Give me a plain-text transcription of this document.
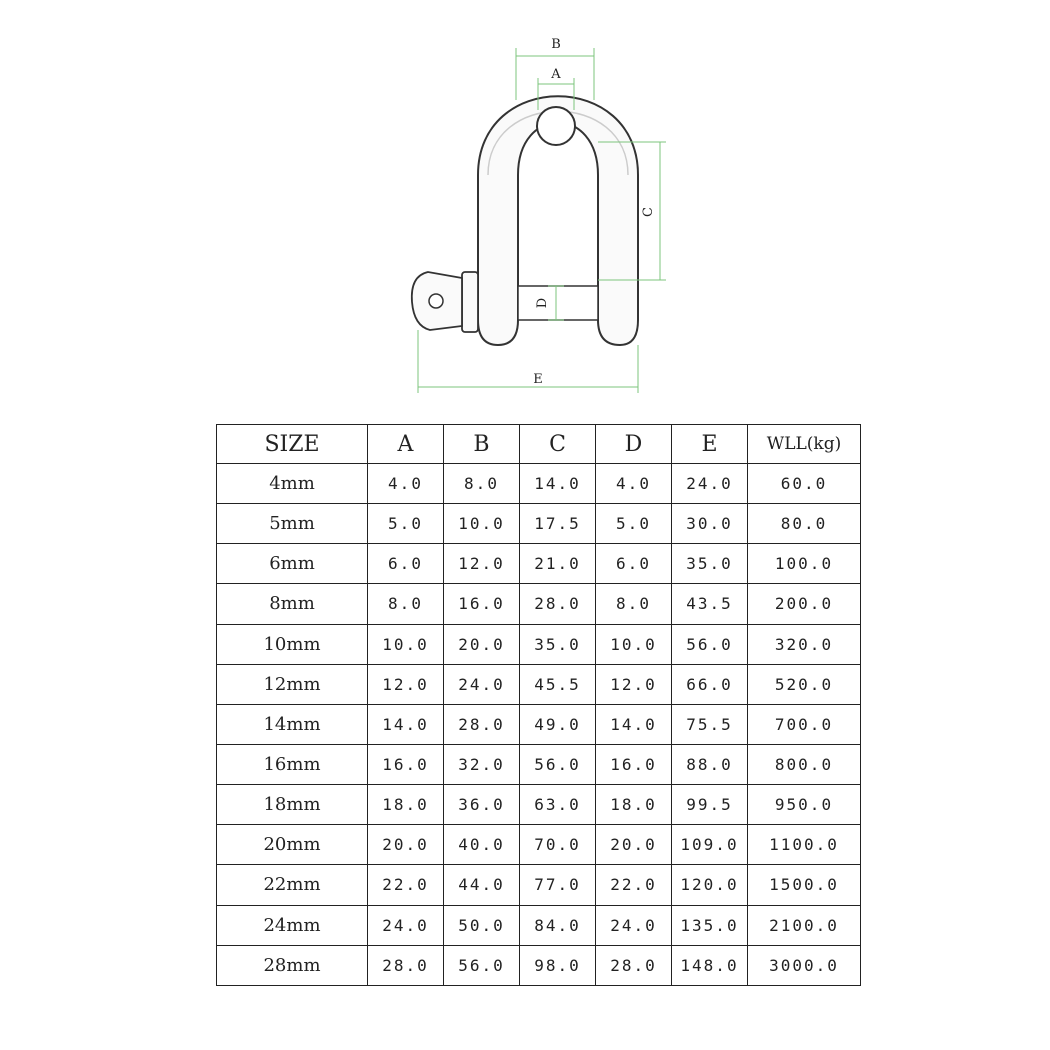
B
A
C
D
E
SIZE	A	B	C	D	E	WLL(kg)
4mm	4.0	8.0	14.0	4.0	24.0	60.0
5mm	5.0	10.0	17.5	5.0	30.0	80.0
6mm	6.0	12.0	21.0	6.0	35.0	100.0
8mm	8.0	16.0	28.0	8.0	43.5	200.0
10mm	10.0	20.0	35.0	10.0	56.0	320.0
12mm	12.0	24.0	45.5	12.0	66.0	520.0
14mm	14.0	28.0	49.0	14.0	75.5	700.0
16mm	16.0	32.0	56.0	16.0	88.0	800.0
18mm	18.0	36.0	63.0	18.0	99.5	950.0
20mm	20.0	40.0	70.0	20.0	109.0	1100.0
22mm	22.0	44.0	77.0	22.0	120.0	1500.0
24mm	24.0	50.0	84.0	24.0	135.0	2100.0
28mm	28.0	56.0	98.0	28.0	148.0	3000.0
